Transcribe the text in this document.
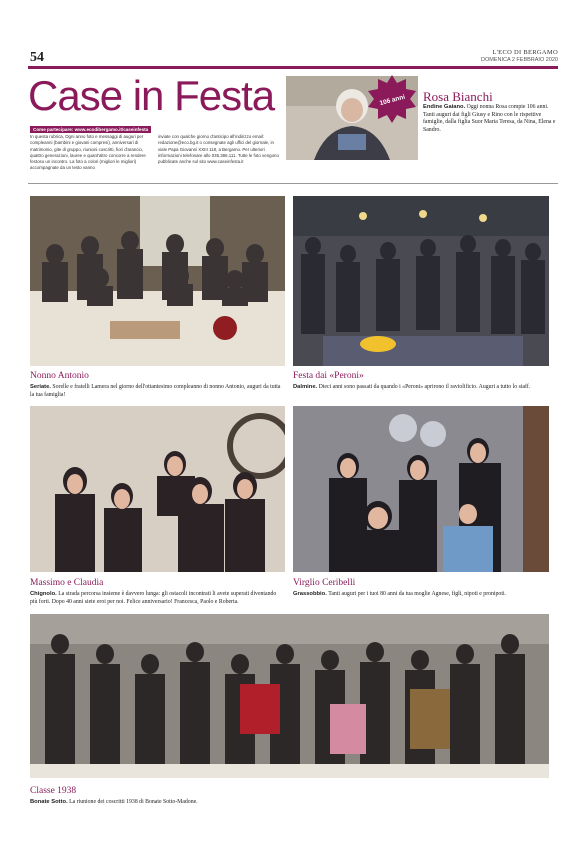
54	L'ECO DI BERGAMO
DOMENICA 2 FEBBRAIO 2020
Case in Festa
Come partecipare: www.ecodibergamo.it/caseinfesta
In questa rubrica, Ogni anno foto e messaggi di auguri per compleanni (bambini e giovani compresi), anniversari di matrimonio, gite di gruppo, riunioni coscritti, fiori d'arancio, quattro generazioni, lauree e quant'altro concorre a rendere festoso un incontro. La foto a colori (migliori le migliori) accompagnate da un testo vanno
inviate con qualche giorno d'anticipo all'indirizzo email: redazione@eco.bg.it o consegnate agli uffici del giornale, in viale Papa Giovanni XXIII 118, a Bergamo. Per ulteriori informazioni telefonare allo 035.386.111. Tutte le foto vengono pubblicate anche sul sito www.caseinfesta.it
106 anni Rosa Bianchi
Endine Gaiano. Oggi nonna Rosa compie 106 anni. Tanti auguri dai figli Giusy e Rino con le rispettive famiglie, dalla figlia Suor Maria Teresa, da Nina, Elena e Sandro.
Nonno Antonio
Seriate. Sorelle e fratelli Lamera nel giorno dell'ottantesimo compleanno di nonno Antonio, auguri da tutta la tua famiglia!
Festa dai «Peroni»
Dalmine. Dieci anni sono passati da quando i «Peroni» aprirono il raviolificio. Auguri a tutto lo staff.
Massimo e Claudia
Chignolo. La strada percorsa insieme è davvero lunga: gli ostacoli incontrati li avete superati diventando più forti. Dopo 40 anni siete eroi per noi. Felice anniversario! Francesca, Paolo e Roberta.
Virglio Ceribelli
Grassobbio. Tanti auguri per i tuoi 80 anni da tua moglie Agnese, figli, nipoti e pronipoti.
Classe 1938
Bonate Sotto. La riunione dei coscritti 1938 di Bonate Sotto-Madone.
